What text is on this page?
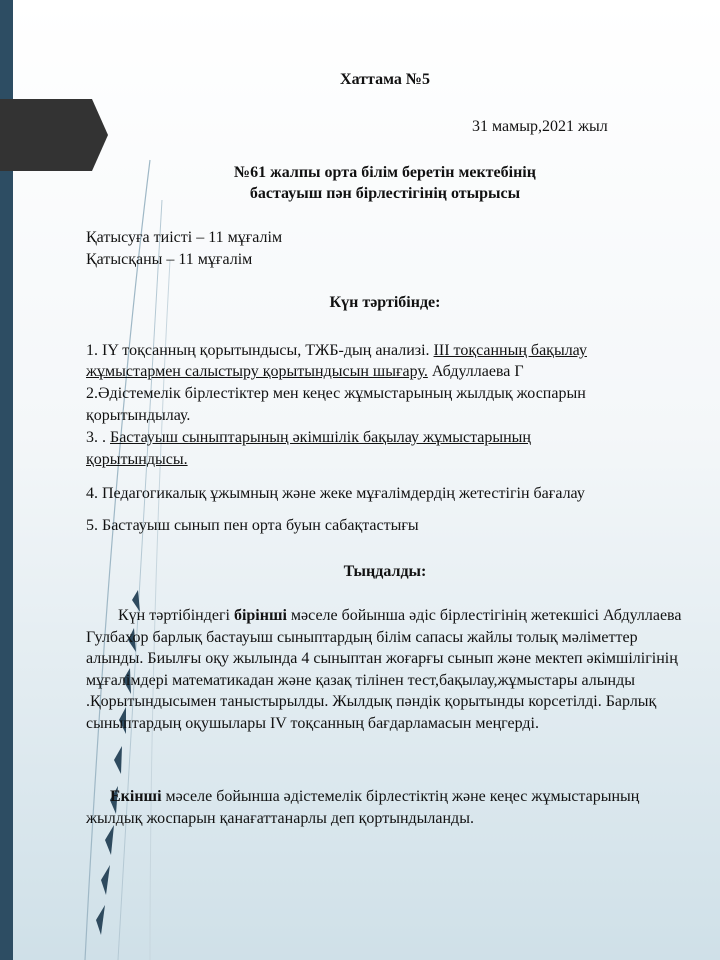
Хаттама №5
31 мамыр,2021 жыл
№61 жалпы орта білім беретін мектебінің
бастауыш пән бірлестігінің отырысы
Қатысуға тиісті – 11 мұғалім
Қатысқаны – 11 мұғалім
Күн тәртібінде:
1. IY тоқсанның қорытындысы, ТЖБ-дың анализі. III тоқсанның бақылау
жұмыстармен салыстыру қорытындысын шығару. Абдуллаева Г
2.Әдістемелік бірлестіктер мен кеңес жұмыстарының жылдық жоспарын
қорытындылау.
3. . Бастауыш сыныптарының әкімшілік бақылау жұмыстарының
қорытындысы.
4. Педагогикалық ұжымның және жеке мұғалімдердің жетестігін бағалау
5. Бастауыш сынып пен орта буын сабақтастығы
Тыңдалды:
Күн тәртібіндегі бірінші мәселе бойынша әдіс бірлестігінің жетекшісі Абдуллаева Гулбахор барлық бастауыш сыныптардың білім сапасы жайлы толық мәліметтер алынды. Биылғы оқу жылында 4 сыныптан жоғарғы сынып және мектеп әкімшілігінің мұғалімдері математикадан және қазақ тілінен тест,бақылау,жұмыстары алынды .Қорытындысымен таныстырылды. Жылдық пәндік қорытынды корсетілді. Барлық сыныптардың оқушылары IV тоқсанның бағдарламасын меңгерді.
Екінші мәселе бойынша әдістемелік бірлестіктің және кеңес жұмыстарының жылдық жоспарын қанағаттанарлы деп қортындыланды.
